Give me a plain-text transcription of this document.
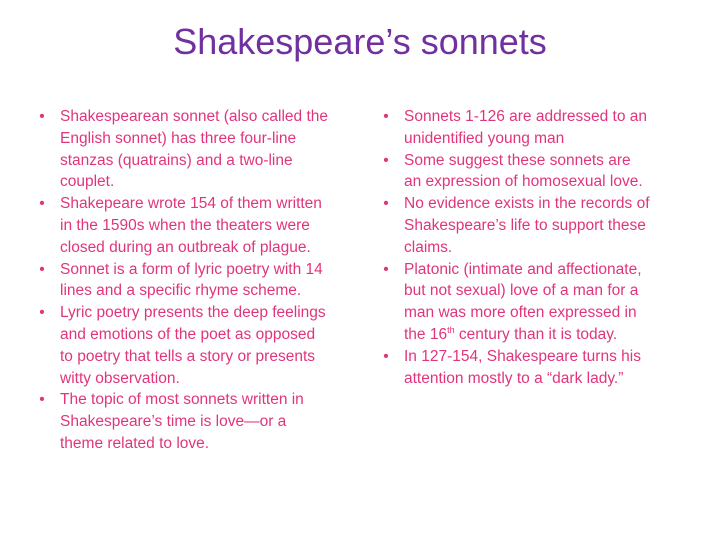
Shakespeare’s sonnets
• Shakespearean sonnet (also called the English sonnet) has three four-line stanzas (quatrains) and a two-line couplet.
• Shakepeare wrote 154 of them written in the 1590s when the theaters were closed during an outbreak of plague.
• Sonnet is a form of lyric poetry with 14 lines and a specific rhyme scheme.
• Lyric poetry presents the deep feelings and emotions of the poet as opposed to poetry that tells a story or presents witty observation.
• The topic of most sonnets written in Shakespeare’s time is love—or a theme related to love.
• Sonnets 1-126 are addressed to an unidentified young man
• Some suggest these sonnets are an expression of homosexual love.
• No evidence exists in the records of Shakespeare’s life to support these claims.
• Platonic (intimate and affectionate, but not sexual) love of a man for a man was more often expressed in the 16th century than it is today.
• In 127-154, Shakespeare turns his attention mostly to a “dark lady.”
